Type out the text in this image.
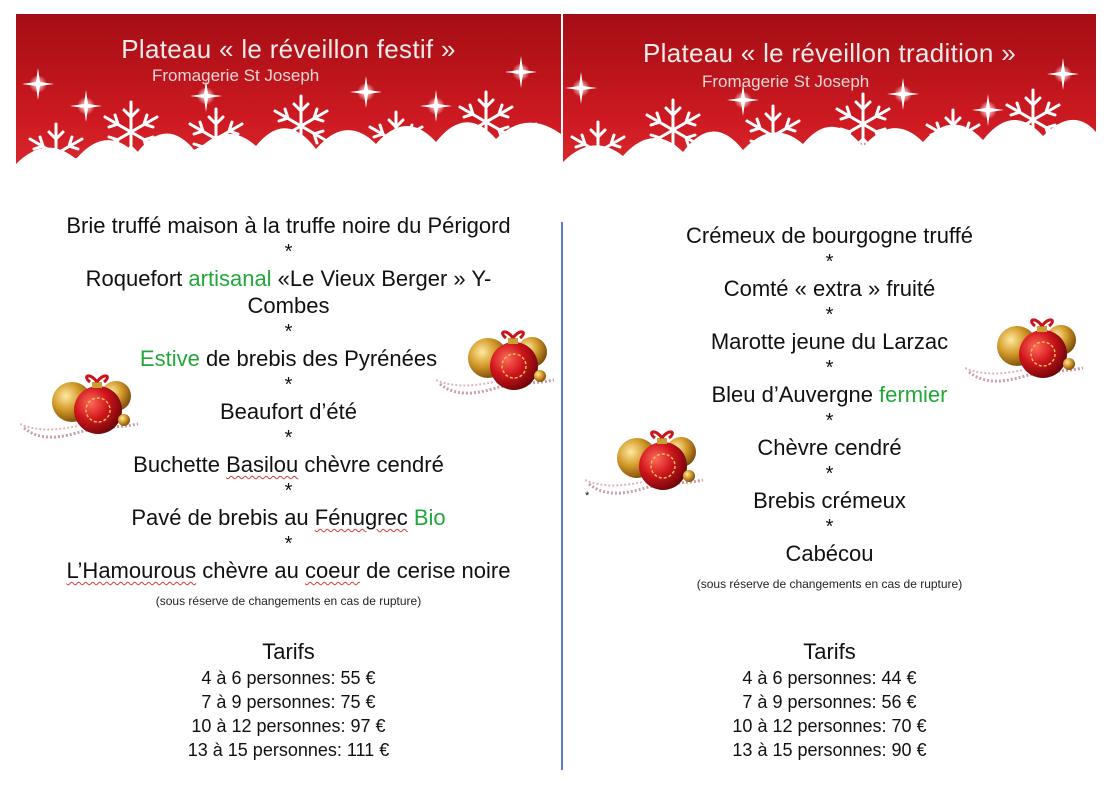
Plateau « le réveillon festif »
Fromagerie St Joseph
Brie truffé maison à la truffe noire du Périgord
*
Roquefort artisanal «Le Vieux Berger » Y-
Combes
*
Estive de brebis des Pyrénées
*
Beaufort d’été
*
Buchette Basilou chèvre cendré
*
Pavé de brebis au Fénugrec Bio
*
L’Hamourous chèvre au coeur de cerise noire
(sous réserve de changements en cas de rupture)
Tarifs
4 à 6 personnes: 55 €
7 à 9 personnes: 75 €
10 à 12 personnes: 97 €
13 à 15 personnes: 111 €
Plateau « le réveillon tradition »
Fromagerie St Joseph
Crémeux de bourgogne truffé
*
Comté « extra » fruité
*
Marotte jeune du Larzac
*
Bleu d’Auvergne fermier
*
Chèvre cendré
*
Brebis crémeux
*
Cabécou
(sous réserve de changements en cas de rupture)
Tarifs
4 à 6 personnes: 44 €
7 à 9 personnes: 56 €
10 à 12 personnes: 70 €
13 à 15 personnes: 90 €
*
